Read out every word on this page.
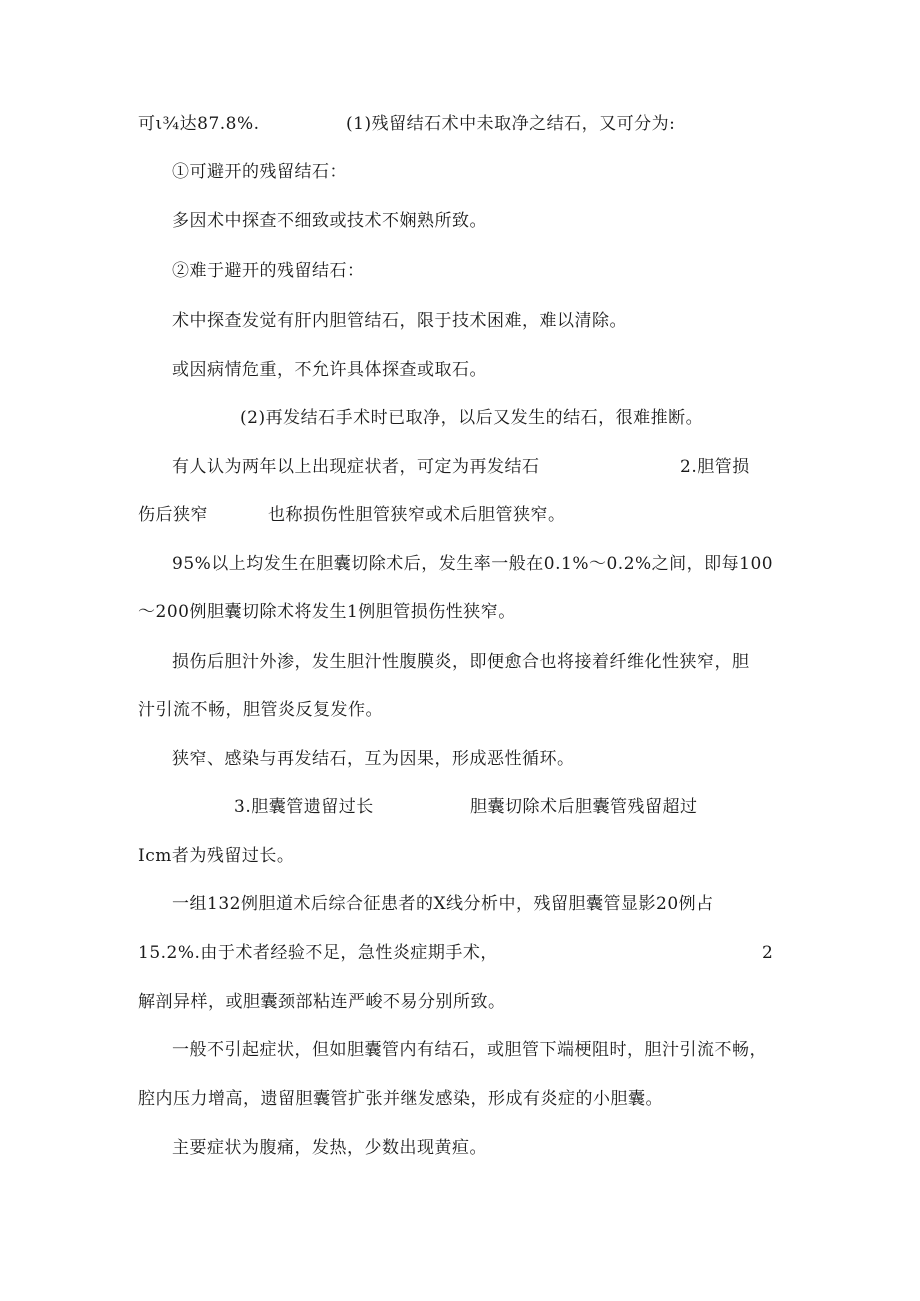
可ι¾达87.8%.	(1)残留结石术中未取净之结石，又可分为:
①可避开的残留结石：
多因术中探查不细致或技术不娴熟所致。
②难于避开的残留结石：
术中探查发觉有肝内胆管结石，限于技术困难，难以清除。
或因病情危重，不允许具体探查或取石。
(2)再发结石手术时已取净，以后又发生的结石，很难推断。
有人认为两年以上出现症状者，可定为再发结石	2.胆管损
伤后狭窄	也称损伤性胆管狭窄或术后胆管狭窄。
95%以上均发生在胆囊切除术后，发生率一般在0.1%～0.2%之间，即每100
～200例胆囊切除术将发生1例胆管损伤性狭窄。
损伤后胆汁外渗，发生胆汁性腹膜炎，即便愈合也将接着纤维化性狭窄，胆
汁引流不畅，胆管炎反复发作。
狭窄、感染与再发结石，互为因果，形成恶性循环。
3.胆囊管遗留过长	胆囊切除术后胆囊管残留超过
Icm者为残留过长。
一组132例胆道术后综合征患者的X线分析中，残留胆囊管显影20例占
15.2%.由于术者经验不足，急性炎症期手术，	2
解剖异样，或胆囊颈部粘连严峻不易分别所致。
一般不引起症状，但如胆囊管内有结石，或胆管下端梗阻时，胆汁引流不畅，
腔内压力增高，遗留胆囊管扩张并继发感染，形成有炎症的小胆囊。
主要症状为腹痛，发热，少数出现黄疸。
